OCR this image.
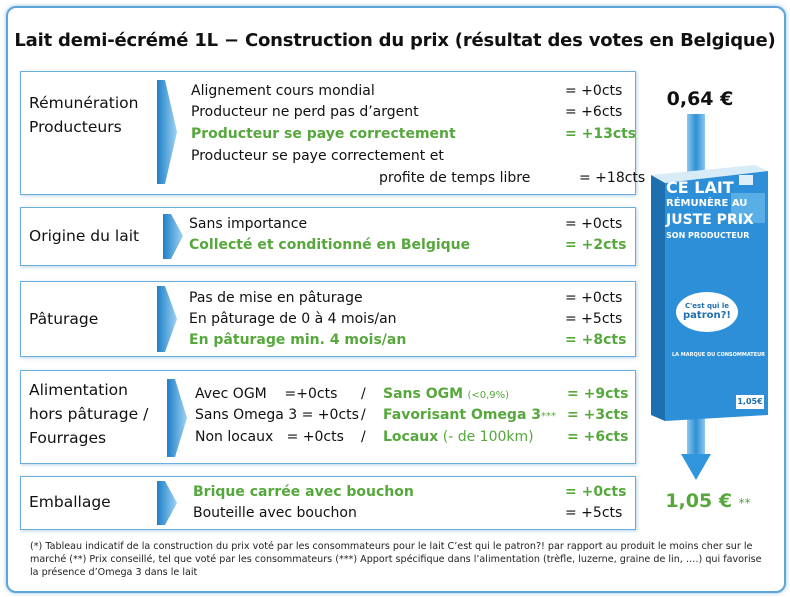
Lait demi-écrémé 1L − Construction du prix (résultat des votes en Belgique)
Rémunération
Producteurs
Alignement cours mondial	= +0cts
Producteur ne perd pas d’argent	= +6cts
Producteur se paye correctement	= +13cts
Producteur se paye correctement et
profite de temps libre	= +18cts
Origine du lait
Sans importance	= +0cts
Collecté et conditionné en Belgique	= +2cts
Pâturage
Pas de mise en pâturage	= +0cts
En pâturage de 0 à 4 mois/an	= +5cts
En pâturage min. 4 mois/an	= +8cts
Alimentation
hors pâturage /
Fourrages
Avec OGM    =+0cts / Sans OGM (<0,9%)	= +9cts
Sans Omega 3 = +0cts / Favorisant Omega 3*** = +3cts
Non locaux   = +0cts / Locaux (- de 100km) = +6cts
Emballage
Brique carrée avec bouchon	= +0cts
Bouteille avec bouchon	= +5cts
0,64 €
CE LAIT
RÉMUNÈRE AU
JUSTE PRIX
SON PRODUCTEUR
C'est qui le
patron?!
LA MARQUE DU CONSOMMATEUR
1,05€
1,05 € **
(*) Tableau indicatif de la construction du prix voté par les consommateurs pour le lait C’est qui le patron?! par rapport au produit le moins cher sur le marché (**) Prix conseillé, tel que voté par les consommateurs (***) Apport spécifique dans l’alimentation (trèfle, luzerne, graine de lin, ….) qui favorise la présence d’Omega 3 dans le lait
